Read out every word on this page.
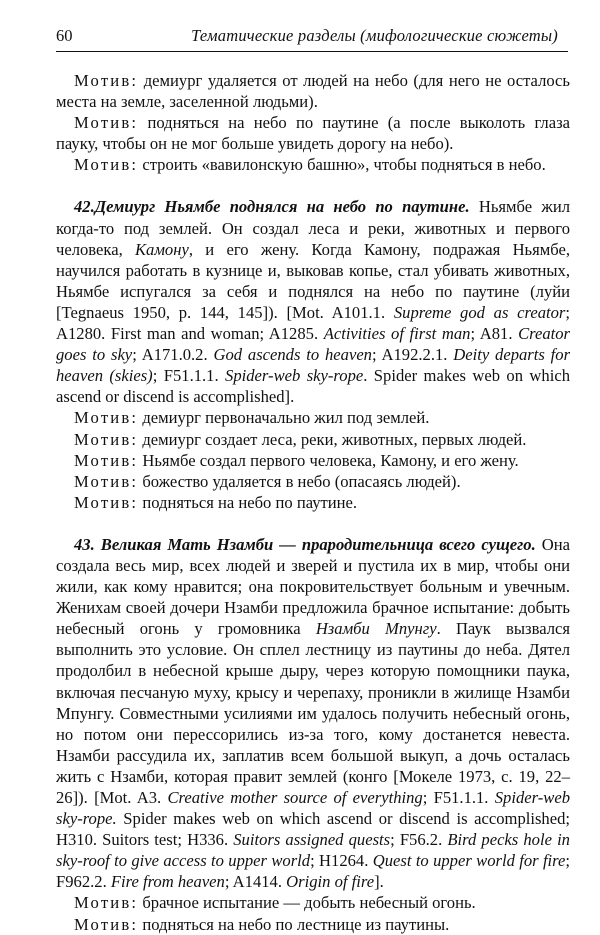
60	Тематические разделы (мифологические сюжеты)

Мотив: демиург удаляется от людей на небо (для него не осталось места на земле, заселенной людьми).

Мотив: подняться на небо по паутине (а после выколоть глаза пауку, чтобы он не мог больше увидеть дорогу на небо).

Мотив: строить «вавилонскую башню», чтобы подняться в небо.

42.Демиург Ньямбе поднялся на небо по паутине. Ньямбе жил когда-то под землей. Он создал леса и реки, животных и первого человека, Камону, и его жену. Когда Камону, подражая Ньямбе, научился работать в кузнице и, выковав копье, стал убивать животных, Ньямбе испугался за себя и поднялся на небо по паутине (луйи [Tegnaeus 1950, p. 144, 145]). [Mot. A101.1. Supreme god as creator; A1280. First man and woman; A1285. Activities of first man; A81. Creator goes to sky; A171.0.2. God ascends to heaven; A192.2.1. Deity departs for heaven (skies); F51.1.1. Spider-web sky-rope. Spider makes web on which ascend or discend is accomplished].

Мотив: демиург первоначально жил под землей.

Мотив: демиург создает леса, реки, животных, первых людей.

Мотив: Ньямбе создал первого человека, Камону, и его жену.

Мотив: божество удаляется в небо (опасаясь людей).

Мотив: подняться на небо по паутине.

43. Великая Мать Нзамби — прародительница всего сущего. Она создала весь мир, всех людей и зверей и пустила их в мир, чтобы они жили, как кому нравится; она покровительствует больным и увечным. Женихам своей дочери Нзамби предложила брачное испытание: добыть небесный огонь у громовника Нзамби Мпунгу. Паук вызвался выполнить это условие. Он сплел лестницу из паутины до неба. Дятел продолбил в небесной крыше дыру, через которую помощники паука, включая песчаную муху, крысу и черепаху, проникли в жилище Нзамби Мпунгу. Совместными усилиями им удалось получить небесный огонь, но потом они перессорились из-за того, кому достанется невеста. Нзамби рассудила их, заплатив всем большой выкуп, а дочь осталась жить с Нзамби, которая правит землей (конго [Мокеле 1973, с. 19, 22–26]). [Mot. A3. Creative mother source of everything; F51.1.1. Spider-web sky-rope. Spider makes web on which ascend or discend is accomplished; H310. Suitors test; H336. Suitors assigned quests; F56.2. Bird pecks hole in sky-roof to give access to upper world; H1264. Quest to upper world for fire; F962.2. Fire from heaven; A1414. Origin of fire].

Мотив: брачное испытание — добыть небесный огонь.

Мотив: подняться на небо по лестнице из паутины.
